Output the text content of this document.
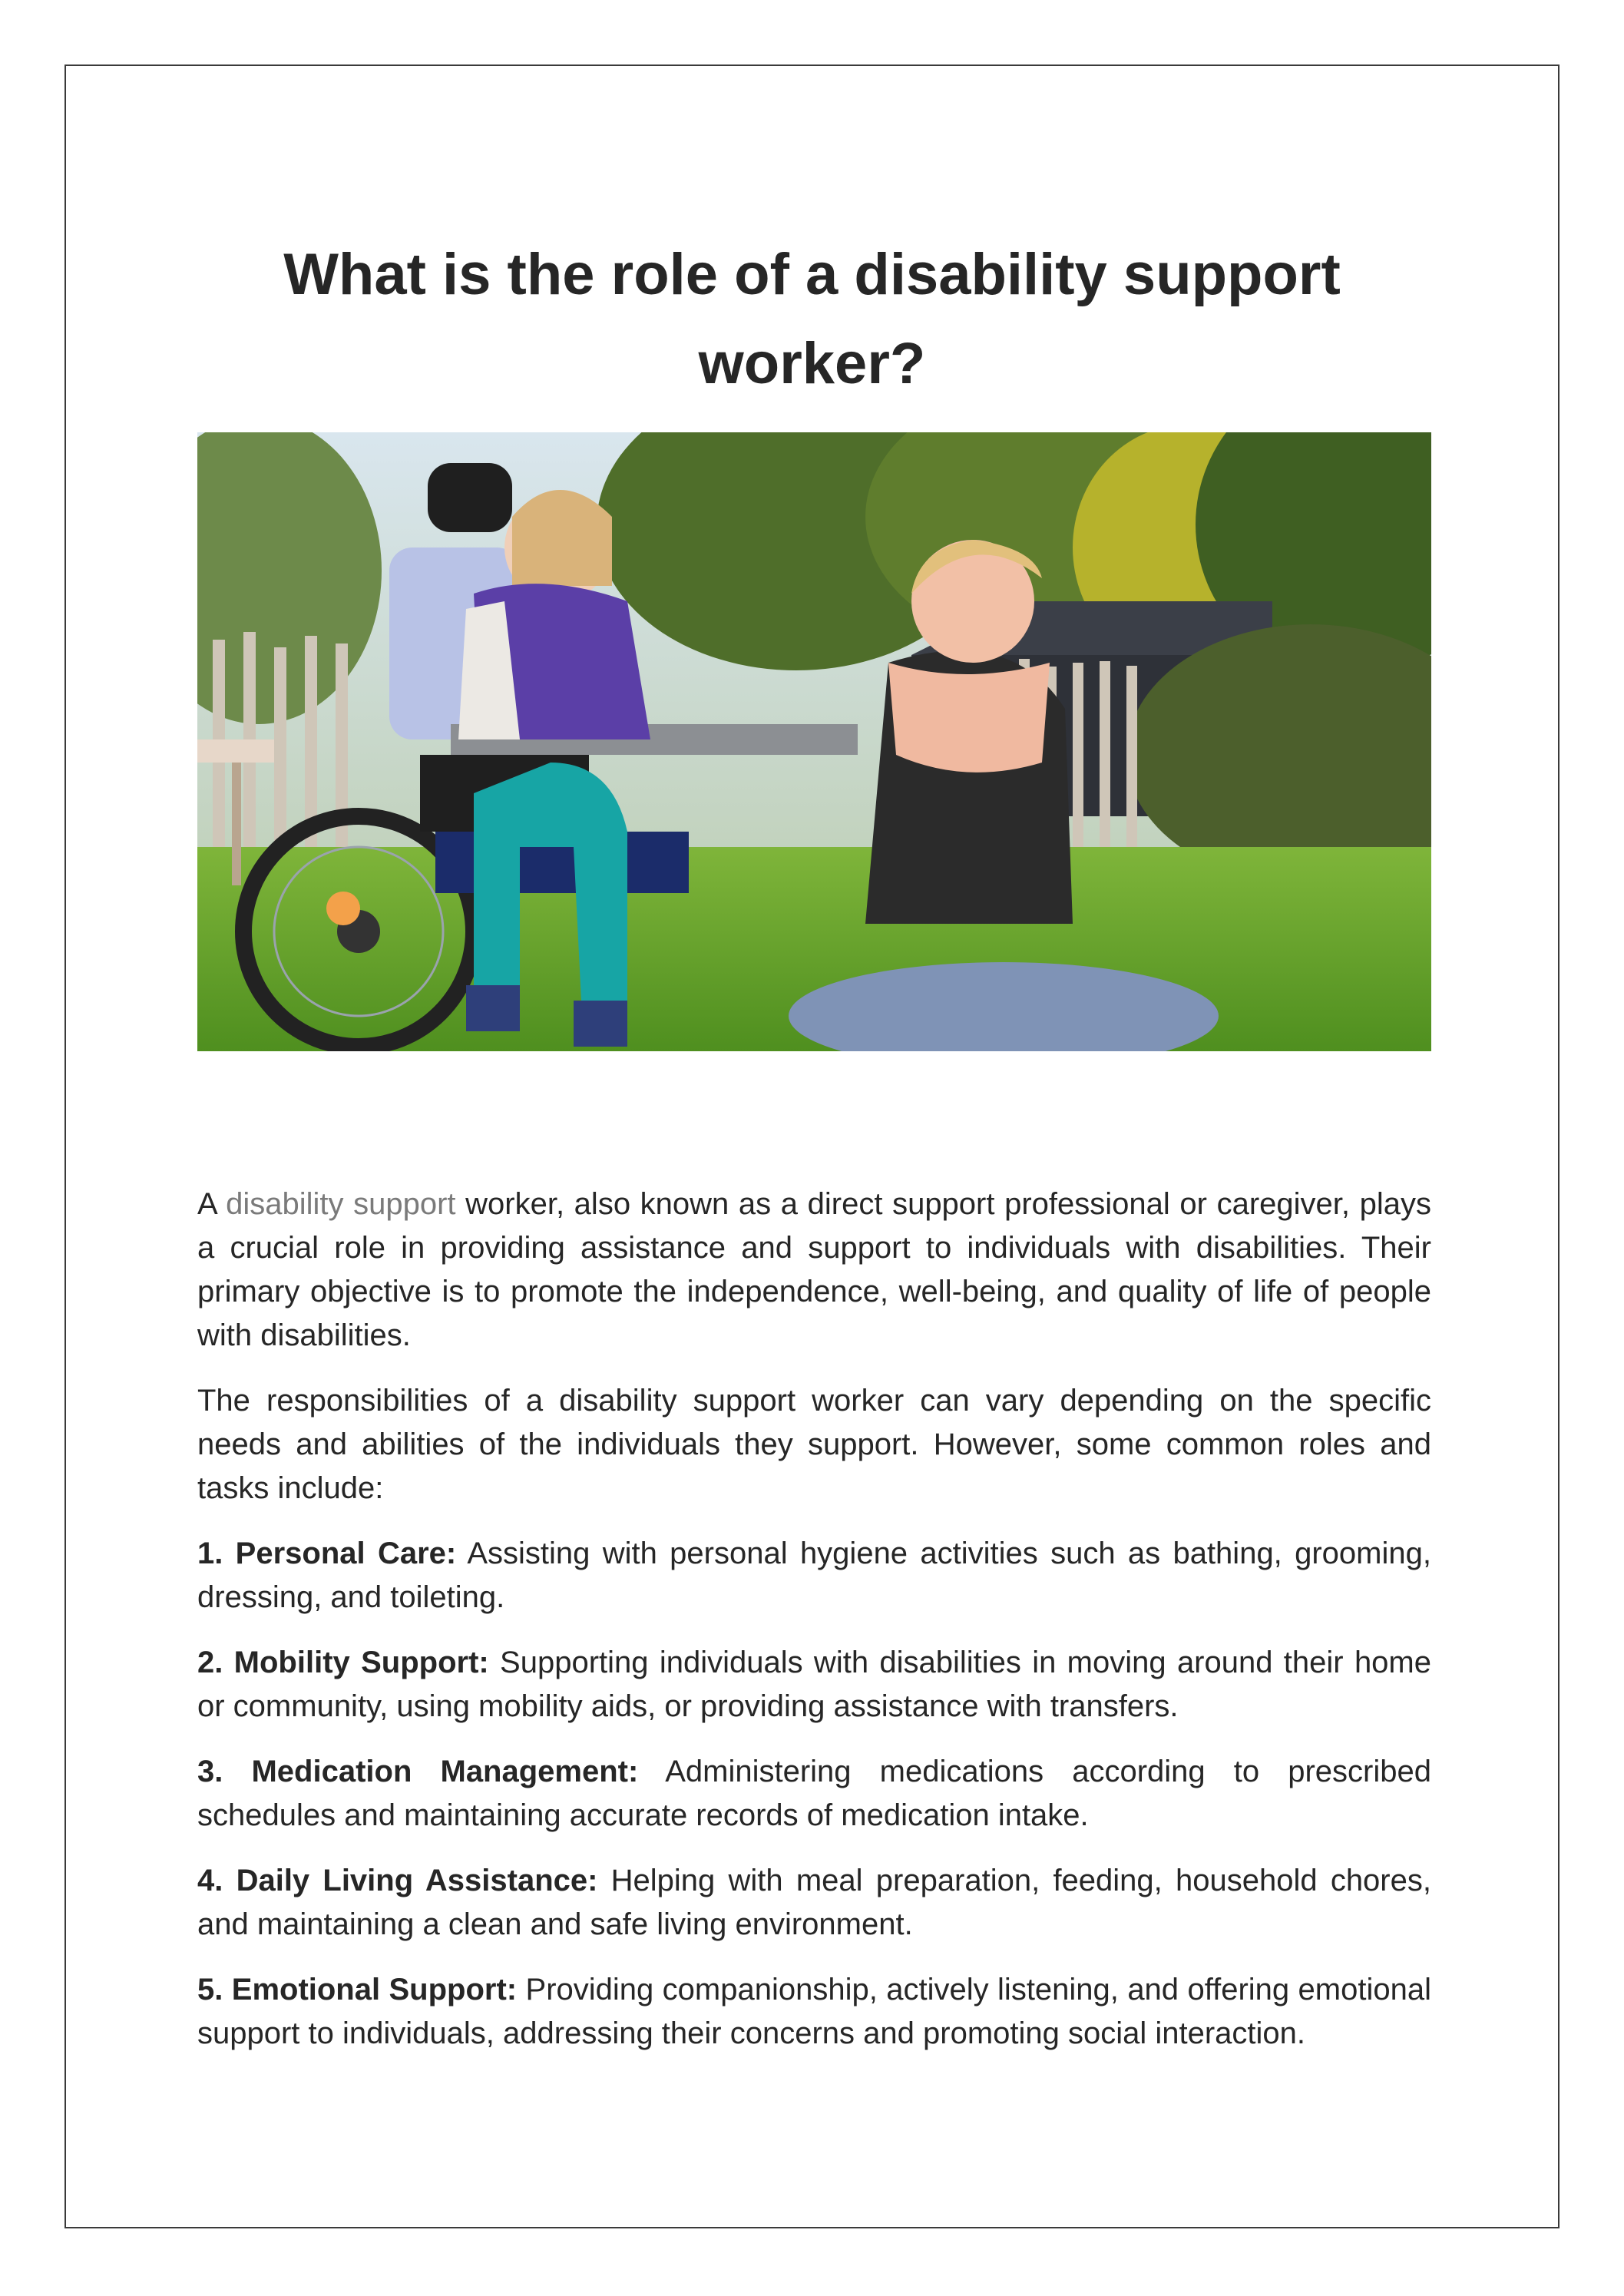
What is the role of a disability support worker?

A disability support worker, also known as a direct support professional or caregiver, plays a crucial role in providing assistance and support to individuals with disabilities. Their primary objective is to promote the independence, well-being, and quality of life of people with disabilities.

The responsibilities of a disability support worker can vary depending on the specific needs and abilities of the individuals they support. However, some common roles and tasks include:

1. Personal Care: Assisting with personal hygiene activities such as bathing, grooming, dressing, and toileting.

2. Mobility Support: Supporting individuals with disabilities in moving around their home or community, using mobility aids, or providing assistance with transfers.

3. Medication Management: Administering medications according to prescribed schedules and maintaining accurate records of medication intake.

4. Daily Living Assistance: Helping with meal preparation, feeding, household chores, and maintaining a clean and safe living environment.

5. Emotional Support: Providing companionship, actively listening, and offering emotional support to individuals, addressing their concerns and promoting social interaction.
